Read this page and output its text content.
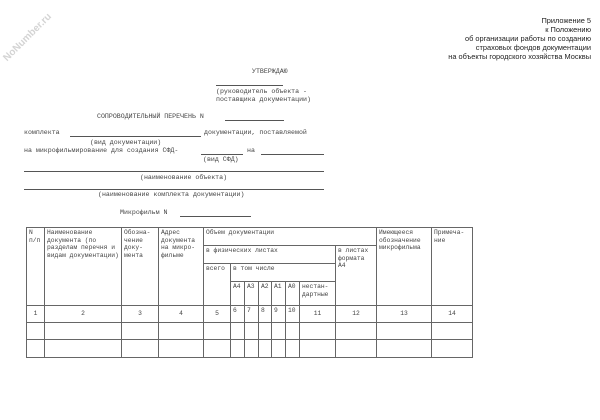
NoNumber.ru	Приложение 5
к Положению
об организации работы по созданию
страховых фондов документации
на объекты городского хозяйства Москвы
УТВЕРЖДАЮ
(руководитель объекта -
поставщика документации)
СОПРОВОДИТЕЛЬНЫЙ ПЕРЕЧЕНЬ N
комплекта	документации, поставляемой
(вид документации)
на микрофильмирование для создания СФД-	на
(вид СФД)
(наименование объекта)
(наименование комплекта документации)
Микрофильм N
N п/п	Наименование документа (по разделам перечня и видам документации)	Обозна- чение доку- мента	Адрес документа на микро- фильме	Объем документации								Имеющееся обозначение микрофильма	Примеча- ние
				в физических листах							в листах формата А4		
				всего	в том числе								
					А4	А3	А2	А1	А0	нестан- дартные			
1	2	3	4	5	6	7	8	9	10	11	12	13	14
